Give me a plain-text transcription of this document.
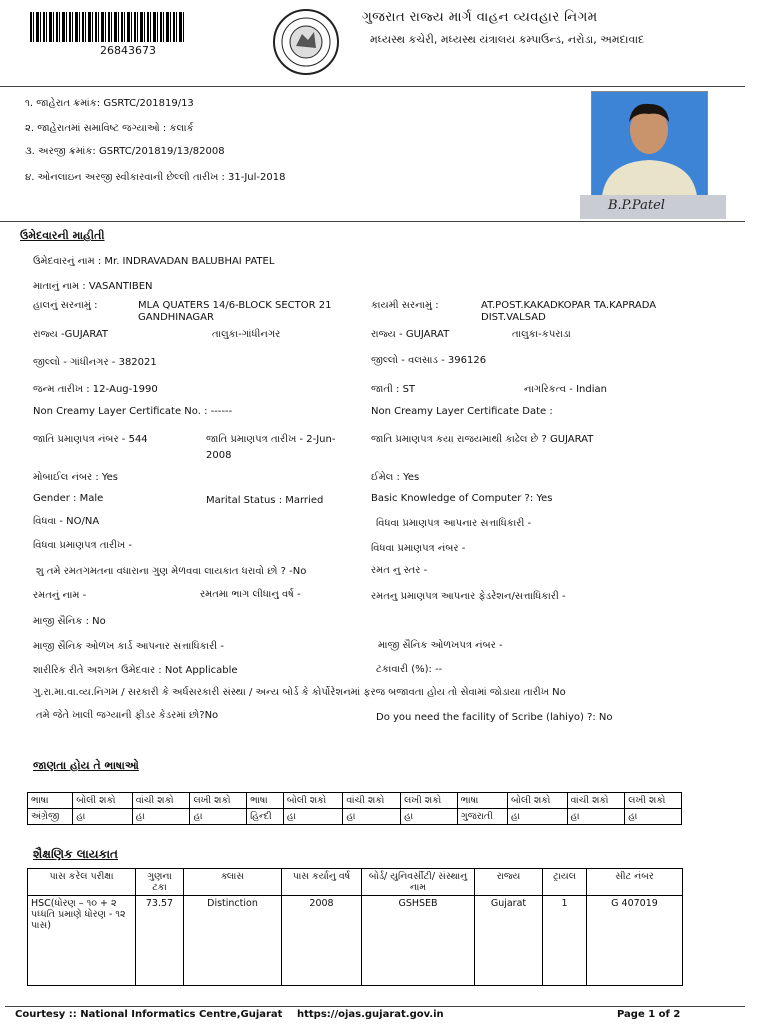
26843673
ગુજરાત રાજ્ય માર્ગ વાહન વ્યવહાર નિગમ
મધ્યસ્થ કચેરી, મધ્યસ્થ યંત્રાલય કમ્પાઉન્ડ, નરોડા, અમદાવાદ
૧. જાહેરાત ક્રમાંક: GSRTC/201819/13
૨. જાહેરાતમાં સમાવિષ્ટ જગ્યાઓ : કલાર્ક
૩. અરજી ક્રમાંક: GSRTC/201819/13/82008
૪. ઓનલાઇન અરજી સ્વીકારવાની છેલ્લી તારીખ : 31-Jul-2018
B.P.Patel
ઉમેદવારની માહીતી
ઉમેદવારનું નામ : Mr. INDRAVADAN BALUBHAI PATEL
માતાનું નામ : VASANTIBEN
હાલનું સરનામું :	MLA QUATERS 14/6-BLOCK SECTOR 21
GANDHINAGAR
કાયમી સરનામું :	AT.POST.KAKADKOPAR TA.KAPRADA
DIST.VALSAD
રાજ્ય -GUJARAT	તાલુકા-ગાંધીનગર	રાજ્ય - GUJARAT	તાલુકા-કપરાડા
જીલ્લો - ગાંધીનગર - 382021	જીલ્લો - વલસાડ - 396126
જન્મ તારીખ : 12-Aug-1990	જાતી : ST	નાગરિકત્વ - Indian
Non Creamy Layer Certificate No. : ------	Non Creamy Layer Certificate Date :
જાતિ પ્રમાણપત્ર નંબર - 544	જાતિ પ્રમાણપત્ર તારીખ - 2-Jun-
2008
જાતિ પ્રમાણપત્ર કયા રાજયમાથી કાઢેલ છે ? GUJARAT
મોબાઈલ નંબર : Yes	ઈમેલ : Yes
Gender : Male	Marital Status : Married	Basic Knowledge of Computer ?: Yes
વિધવા - NO/NA	વિધવા પ્રમાણપત્ર આપનાર સત્તાધિકારી -
વિધવા પ્રમાણપત્ર તારીખ -	વિધવા પ્રમાણપત્ર નંબર -
શુ તમે રમતગમતના વધારાના ગુણ મેળવવા લાયકાત ધરાવો છો ? -No	રમત નુ સ્તર -
રમતનું નામ -	રમતમા ભાગ લીધાનુ વર્ષ -	રમતનુ પ્રમાણપત્ર આપનાર ફેડરેશન/સત્તાધિકારી -
માજી સૈનિક : No
માજી સૈનિક ઓળખ કાર્ડ આપનાર સત્તાધિકારી -	માજી સૈનિક ઓળખપત્ર નંબર -
શારીરિક રીતે અશક્ત ઉમેદવાર : Not Applicable	ટકાવારી (%): --
ગુ.રા.મા.વા.વ્ય.નિગમ / સરકારી કે અર્ધસરકારી સંસ્થા / અન્ય બોર્ડ કે કોર્પોરેશનમાં ફરજ બજાવતા હોય તો સેવામાં જોડાયા તારીખ No
તમે જેતે ખાલી જગ્યાની ફીડર કેડરમાં છો?No	Do you need the facility of Scribe (lahiyo) ?: No
જાણતા હોય તે ભાષાઓ
ભાષા	બોલી શકો	વાંચી શકો	લખી શકો	ભાષા	બોલી શકો	વાંચી શકો	લખી શકો	ભાષા	બોલી શકો	વાંચી શકો	લખી શકો
અંગ્રેજી	હા	હા	હા	હિન્દી	હા	હા	હા	ગુજરાતી	હા	હા	હા
શૈક્ષણિક લાયકાત
પાસ કરેલ પરીક્ષા	ગુણના ટકા	ક્લાસ	પાસ કર્યાનુ વર્ષ	બોર્ડ/ યુનિવર્સીટી/ સંસ્થાનુ નામ	રાજ્ય	ટ્રાયલ	સીટ નંબર
HSC(ધોરણ – ૧૦ + ૨ પધ્ધતિ પ્રમાણે ધોરણ - ૧૨ પાસ)	73.57	Distinction	2008	GSHSEB	Gujarat	1	G 407019
Courtesy :: National Informatics Centre,Gujarat https://ojas.gujarat.gov.in	Page 1 of 2
